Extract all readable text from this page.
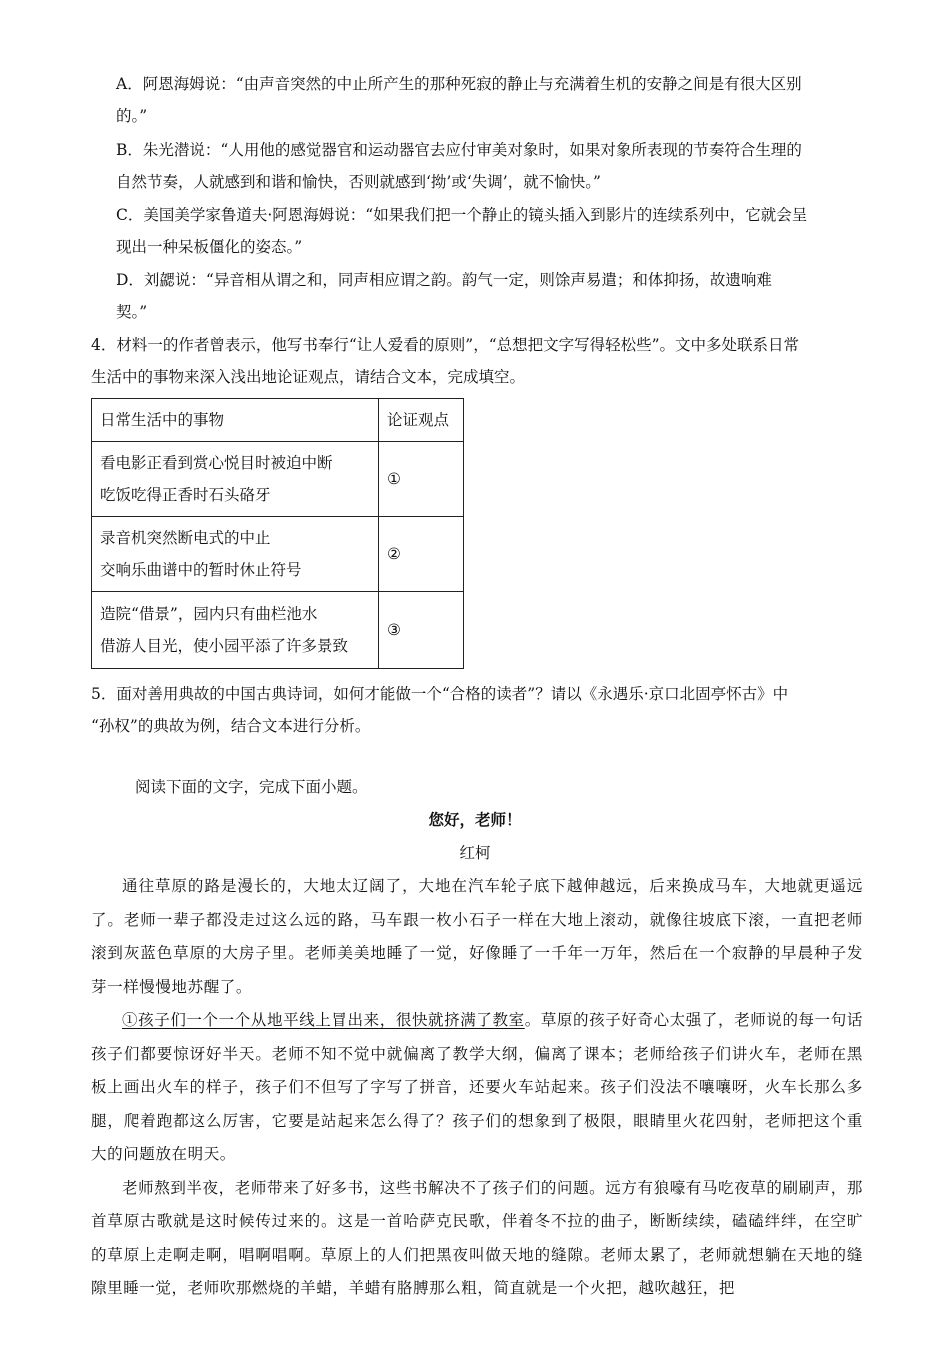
A．阿恩海姆说：“由声音突然的中止所产生的那种死寂的静止与充满着生机的安静之间是有很大区别
的。”
B．朱光潜说：“人用他的感觉器官和运动器官去应付审美对象时，如果对象所表现的节奏符合生理的
自然节奏，人就感到和谐和愉快，否则就感到‘拗’或‘失调’，就不愉快。”
C．美国美学家鲁道夫·阿恩海姆说：“如果我们把一个静止的镜头插入到影片的连续系列中，它就会呈
现出一种呆板僵化的姿态。”
D．刘勰说：“异音相从谓之和，同声相应谓之韵。韵气一定，则馀声易遣；和体抑扬，故遗响难
契。”
4．材料一的作者曾表示，他写书奉行“让人爱看的原则”，“总想把文字写得轻松些”。文中多处联系日常
生活中的事物来深入浅出地论证观点，请结合文本，完成填空。
日常生活中的事物	论证观点

看电影正看到赏心悦目时被迫中断
吃饭吃得正香时石头硌牙	①

录音机突然断电式的中止
交响乐曲谱中的暂时休止符号	②

造院“借景”，园内只有曲栏池水
借游人目光，使小园平添了许多景致	③
5．面对善用典故的中国古典诗词，如何才能做一个“合格的读者”？请以《永遇乐·京口北固亭怀古》中
“孙权”的典故为例，结合文本进行分析。
阅读下面的文字，完成下面小题。
您好，老师！
红柯

通往草原的路是漫长的，大地太辽阔了，大地在汽车轮子底下越伸越远，后来换成马车，大地就更遥远了。老师一辈子都没走过这么远的路，马车跟一枚小石子一样在大地上滚动，就像往坡底下滚，一直把老师滚到灰蓝色草原的大房子里。老师美美地睡了一觉，好像睡了一千年一万年，然后在一个寂静的早晨种子发芽一样慢慢地苏醒了。

①孩子们一个一个从地平线上冒出来，很快就挤满了教室。草原的孩子好奇心太强了，老师说的每一句话孩子们都要惊讶好半天。老师不知不觉中就偏离了教学大纲，偏离了课本；老师给孩子们讲火车，老师在黑板上画出火车的样子，孩子们不但写了字写了拼音，还要火车站起来。孩子们没法不嚷嚷呀，火车长那么多腿，爬着跑都这么厉害，它要是站起来怎么得了？孩子们的想象到了极限，眼睛里火花四射，老师把这个重大的问题放在明天。

老师熬到半夜，老师带来了好多书，这些书解决不了孩子们的问题。远方有狼嚎有马吃夜草的刷刷声，那首草原古歌就是这时候传过来的。这是一首哈萨克民歌，伴着冬不拉的曲子，断断续续，磕磕绊绊，在空旷的草原上走啊走啊，唱啊唱啊。草原上的人们把黑夜叫做天地的缝隙。老师太累了，老师就想躺在天地的缝隙里睡一觉，老师吹那燃烧的羊蜡，羊蜡有胳膊那么粗，简直就是一个火把，越吹越狂，把
